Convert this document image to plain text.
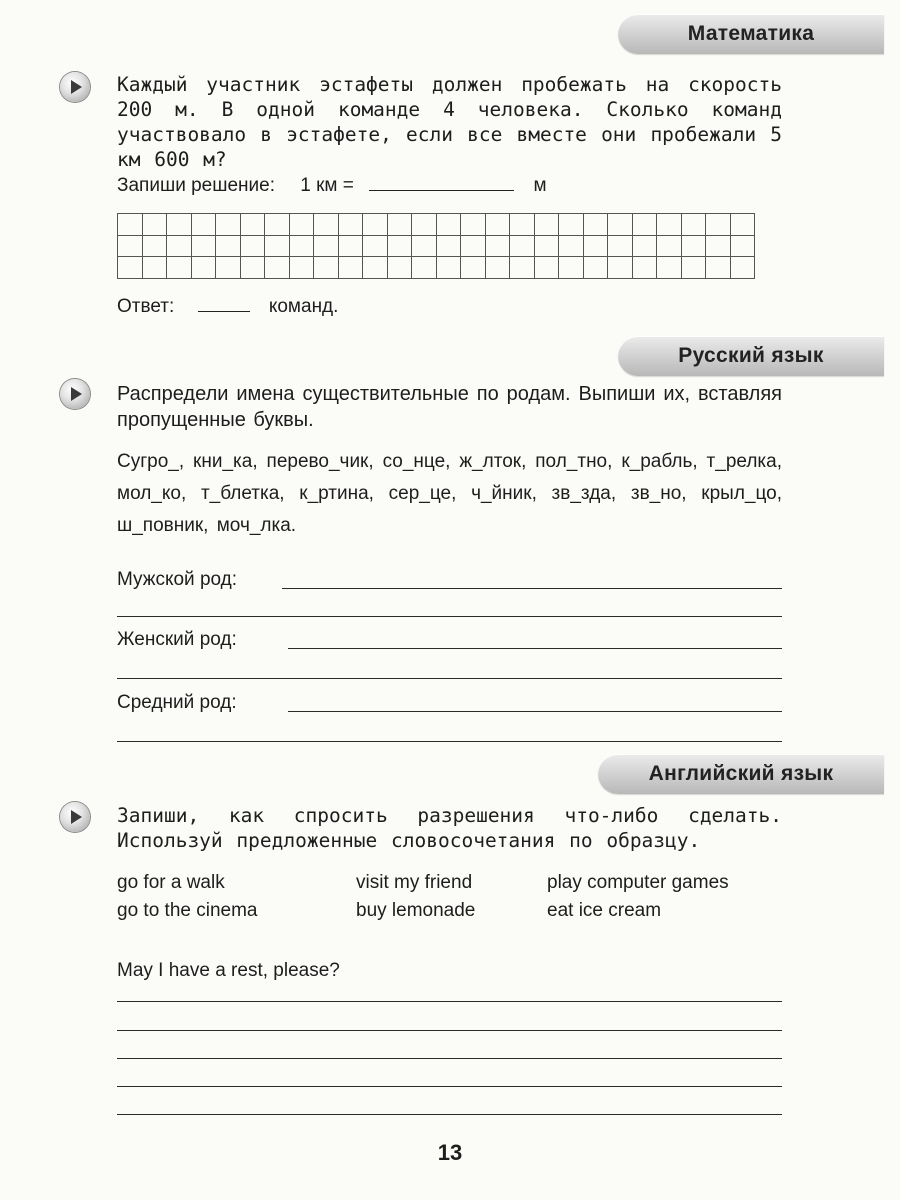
Математика
Каждый участник эстафеты должен пробежать на скорость 200 м. В одной команде 4 человека. Сколько команд участвовало в эстафете, если все вместе они пробежали 5 км 600 м?
Запиши решение: 1 км =	м
Ответ:	команд.
Русский язык
Распредели имена существительные по родам. Выпиши их, вставляя пропущенные буквы.
Сугро_, кни_ка, перево_чик, со_нце, ж_лток, пол_тно, к_рабль, т_релка, мол_ко, т_блетка, к_ртина, сер_це, ч_йник, зв_зда, зв_но, крыл_цо, ш_повник, моч_лка.
Мужской род:
Женский род:
Средний род:
Английский язык
Запиши, как спросить разрешения что-либо сделать. Используй предложенные словосочетания по образцу.
go for a walk	visit my friend	play computer games
go to the cinema	buy lemonade	eat ice cream
May I have a rest, please?
13
